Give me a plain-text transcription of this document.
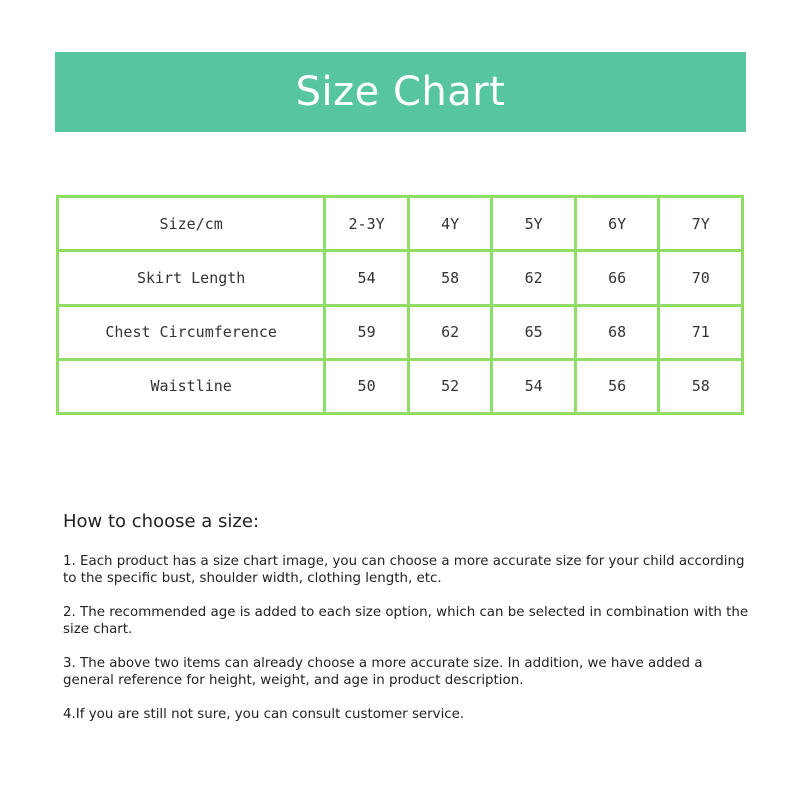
Size Chart
Size/cm	2-3Y	4Y	5Y	6Y	7Y
Skirt Length	54	58	62	66	70
Chest Circumference	59	62	65	68	71
Waistline	50	52	54	56	58

How to choose a size:

1. Each product has a size chart image, you can choose a more accurate size for your child according to the specific bust, shoulder width, clothing length, etc.

2. The recommended age is added to each size option, which can be selected in combination with the size chart.

3. The above two items can already choose a more accurate size. In addition, we have added a general reference for height, weight, and age in product description.

4.If you are still not sure, you can consult customer service.
